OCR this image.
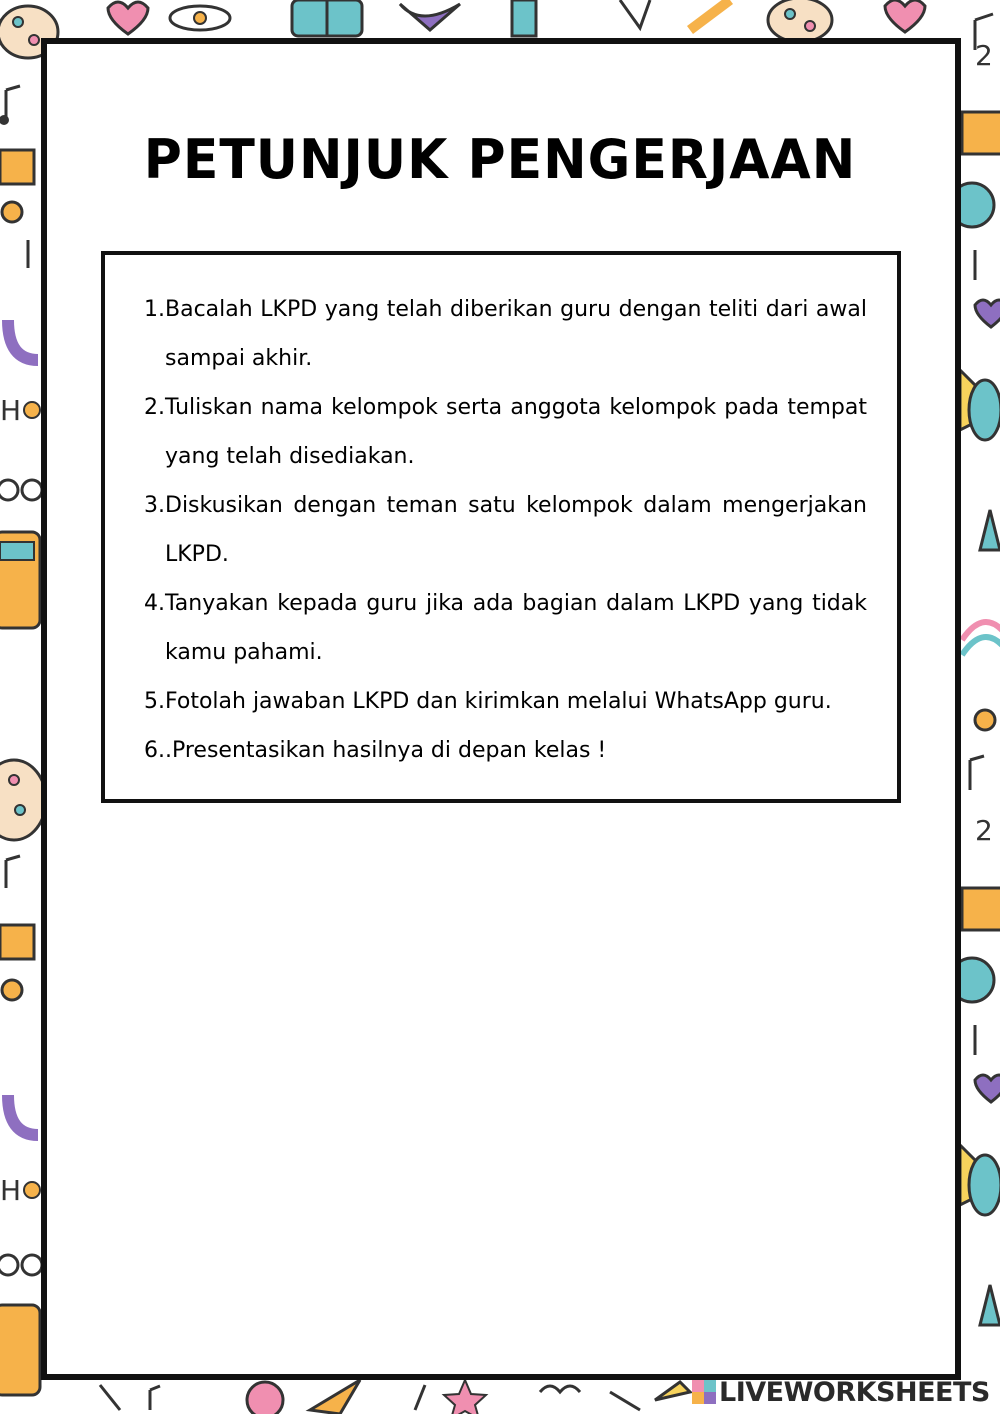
H
H
2
2
PETUNJUK PENGERJAAN
1. Bacalah LKPD yang telah diberikan guru dengan teliti dari awal sampai akhir.
2. Tuliskan nama kelompok serta anggota kelompok pada tempat yang telah disediakan.
3. Diskusikan dengan teman satu kelompok dalam mengerjakan LKPD.
4. Tanyakan kepada guru jika ada bagian dalam LKPD yang tidak kamu pahami.
5. Fotolah jawaban LKPD dan kirimkan melalui WhatsApp guru.
6. .Presentasikan hasilnya di depan kelas !
LIVEWORKSHEETS
